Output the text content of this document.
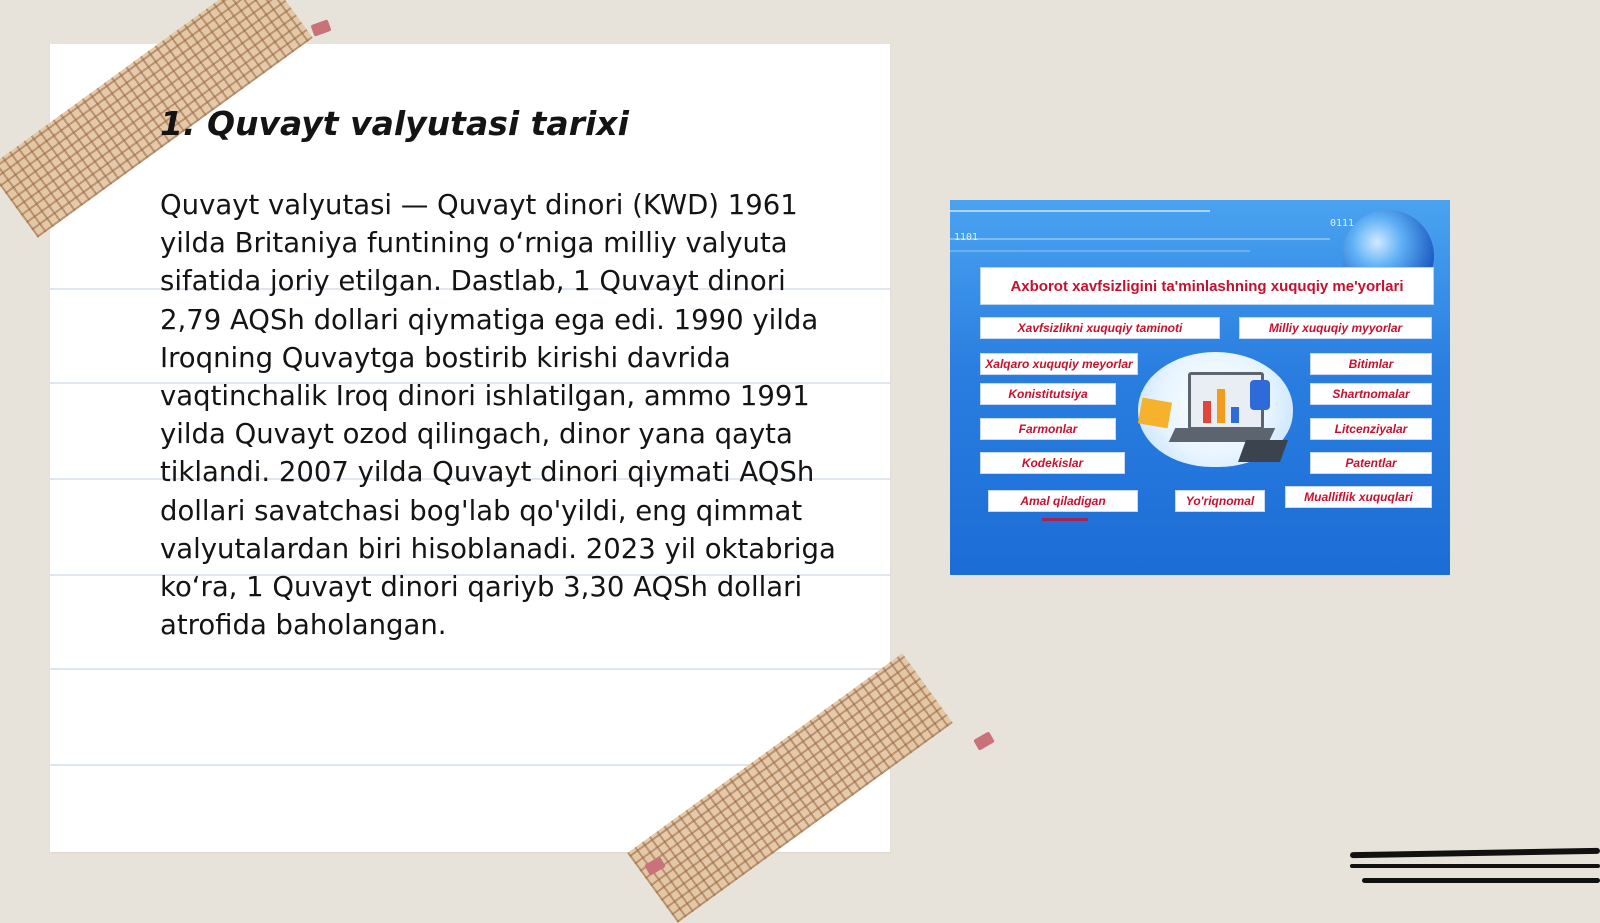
1. Quvayt valyutasi tarixi

Quvayt valyutasi — Quvayt dinori (KWD) 1961 yilda Britaniya funtining oʻrniga milliy valyuta sifatida joriy etilgan. Dastlab, 1 Quvayt dinori 2,79 AQSh dollari qiymatiga ega edi. 1990 yilda Iroqning Quvaytga bostirib kirishi davrida vaqtinchalik Iroq dinori ishlatilgan, ammo 1991 yilda Quvayt ozod qilingach, dinor yana qayta tiklandi. 2007 yilda Quvayt dinori qiymati AQSh dollari savatchasi bog'lab qo'yildi, eng qimmat valyutalardan biri hisoblanadi. 2023 yil oktabriga koʻra, 1 Quvayt dinori qariyb 3,30 AQSh dollari atrofida baholangan.

1101
0111
Axborot xavfsizligini ta'minlashning xuquqiy me'yorlari
Xavfsizlikni xuquqiy taminoti	Milliy xuquqiy myyorlar
Xalqaro xuquqiy meyorlar	Bitimlar
Konistitutsiya	Shartnomalar
Farmonlar	Litcenziyalar
Kodekislar	Patentlar
Amal qiladigan	Yo'riqnomal	Mualliflik xuquqlari
